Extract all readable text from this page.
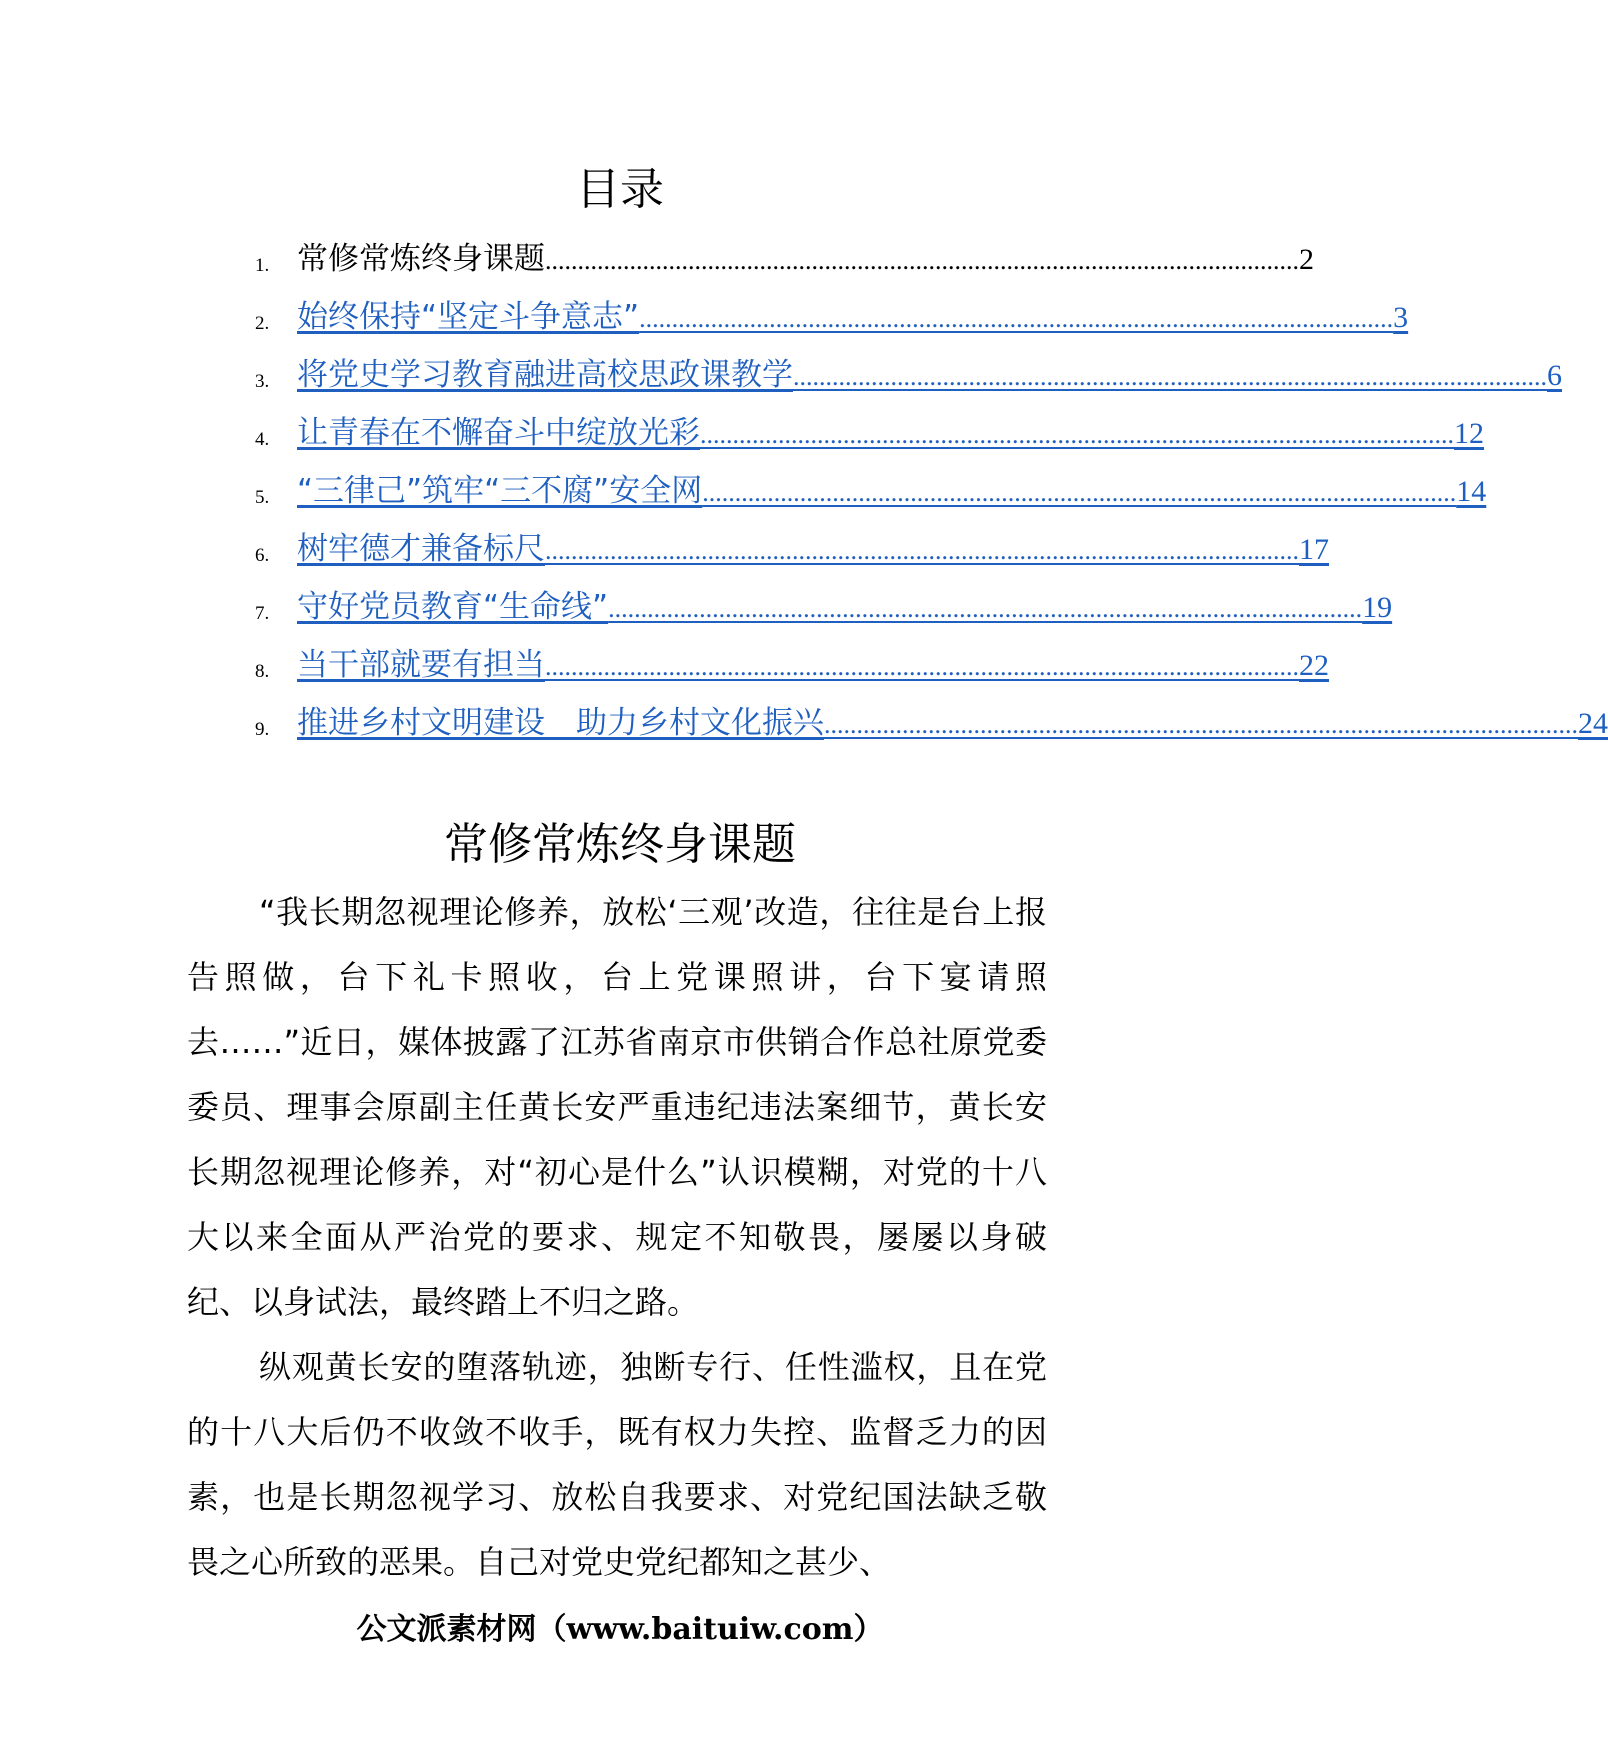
目录
1. 常修常炼终身课题 .................................................................................................................... 2
2. 始终保持“坚定斗争意志” .................................................................................................................... 3
3. 将党史学习教育融进高校思政课教学 .................................................................................................................... 6
4. 让青春在不懈奋斗中绽放光彩 .................................................................................................................... 12
5. “三律己”筑牢“三不腐”安全网 .................................................................................................................... 14
6. 树牢德才兼备标尺 .................................................................................................................... 17
7. 守好党员教育“生命线” .................................................................................................................... 19
8. 当干部就要有担当 .................................................................................................................... 22
9. 推进乡村文明建设　助力乡村文化振兴 .................................................................................................................... 24
常修常炼终身课题

“我长期忽视理论修养，放松‘三观’改造，往往是台上报告照做，台下礼卡照收，台上党课照讲，台下宴请照去……”近日，媒体披露了江苏省南京市供销合作总社原党委委员、理事会原副主任黄长安严重违纪违法案细节，黄长安长期忽视理论修养，对“初心是什么”认识模糊，对党的十八大以来全面从严治党的要求、规定不知敬畏，屡屡以身破纪、以身试法，最终踏上不归之路。

纵观黄长安的堕落轨迹，独断专行、任性滥权，且在党的十八大后仍不收敛不收手，既有权力失控、监督乏力的因素，也是长期忽视学习、放松自我要求、对党纪国法缺乏敬畏之心所致的恶果。自己对党史党纪都知之甚少、

公文派素材网（www.baituiw.com）
